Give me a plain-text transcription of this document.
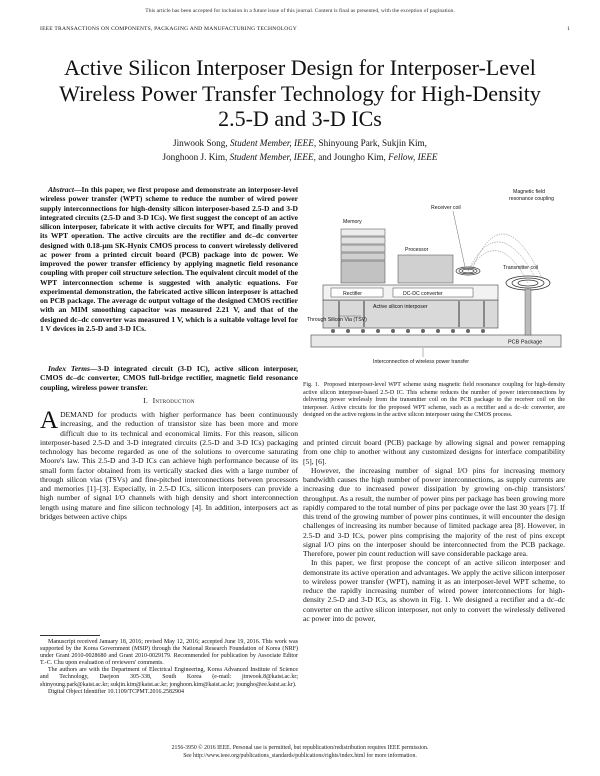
This article has been accepted for inclusion in a future issue of this journal. Content is final as presented, with the exception of pagination.
IEEE TRANSACTIONS ON COMPONENTS, PACKAGING AND MANUFACTURING TECHNOLOGY	1
Active Silicon Interposer Design for Interposer-Level Wireless Power Transfer Technology for High-Density 2.5-D and 3-D ICs
Jinwook Song, Student Member, IEEE, Shinyoung Park, Sukjin Kim,
Jonghoon J. Kim, Student Member, IEEE, and Joungho Kim, Fellow, IEEE
Abstract—In this paper, we first propose and demonstrate an interposer-level wireless power transfer (WPT) scheme to reduce the number of wired power supply interconnections for high-density silicon interposer-based 2.5-D and 3-D integrated circuits (2.5-D and 3-D ICs). We first suggest the concept of an active silicon interposer, fabricate it with active circuits for WPT, and finally proved its WPT operation. The active circuits are the rectifier and dc–dc converter designed with 0.18-μm SK-Hynix CMOS process to convert wirelessly delivered ac power from a printed circuit board (PCB) package into dc power. We improved the power transfer efficiency by applying magnetic field resonance coupling with proper coil structure selection. The equivalent circuit model of the WPT interconnection scheme is suggested with analytic equations. For experimental demonstration, the fabricated active silicon interposer is attached on PCB package. The average dc output voltage of the designed CMOS rectifier with an MIM smoothing capacitor was measured 2.21 V, and that of the designed dc–dc converter was measured 1 V, which is a suitable voltage level for 1 V devices in 2.5-D and 3-D ICs.
Index Terms—3-D integrated circuit (3-D IC), active silicon interposer, CMOS dc–dc converter, CMOS full-bridge rectifier, magnetic field resonance coupling, wireless power transfer.
I. Introduction
ADEMAND for products with higher performance has been continuously increasing, and the reduction of transistor size has been more and more difficult due to its technical and economical limits. For this reason, silicon interposer-based 2.5-D and 3-D integrated circuits (2.5-D and 3-D ICs) packaging technology has become regarded as one of the solutions to overcome saturating Moore's law. This 2.5-D and 3-D ICs can achieve high performance because of its small form factor obtained from its vertically stacked dies with a large number of through silicon vias (TSVs) and fine-pitched interconnections between processors and memories [1]–[3]. Especially, in 2.5-D ICs, silicon interposers can provide a high number of signal I/O channels with high density and short interconnection length using mature and fine silicon technology [4]. In addition, interposers act as bridges between active chips

Manuscript received January 18, 2016; revised May 12, 2016; accepted June 19, 2016. This work was supported by the Korea Government (MSIP) through the National Research Foundation of Korea (NRF) under Grant 2010-0028680 and Grant 2010-0029179. Recommended for publication by Associate Editor T.-C. Chu upon evaluation of reviewers' comments.

The authors are with the Department of Electrical Engineering, Korea Advanced Institute of Science and Technology, Daejeon 305-338, South Korea (e-mail: jinwook.8@kaist.ac.kr; shinyoung.park@kaist.ac.kr; sukjin.kim@kaist.ac.kr; jonghoon.kim@kaist.ac.kr; joungho@ee.kaist.ac.kr).

Digital Object Identifier 10.1109/TCPMT.2016.2582904

PCB Package
Rectifier	DC-DC converter
Active silicon interposer
Through Silicon Via (TSV)
Memory
Processor
Receiver coil
Transmitter coil
Magnetic field
resonance coupling
Interconnection of wireless power transfer
Fig. 1. Proposed interposer-level WPT scheme using magnetic field resonance coupling for high-density active silicon interposer-based 2.5-D IC. This scheme reduces the number of power interconnections by delivering power wirelessly from the transmitter coil on the PCB package to the receiver coil on the interposer. Active circuits for the proposed WPT scheme, such as a rectifier and a dc–dc converter, are designed on the active regions in the active silicon interposer using the CMOS process.

and printed circuit board (PCB) package by allowing signal and power remapping from one chip to another without any customized designs for interface compatibility [5], [6].

However, the increasing number of signal I/O pins for increasing memory bandwidth causes the high number of power interconnections, as supply currents are increasing due to increased power dissipation by growing on-chip transistors' throughput. As a result, the number of power pins per package has been growing more rapidly compared to the total number of pins per package over the last 30 years [7]. If this trend of the growing number of power pins continues, it will encounter the design challenges of increasing its number because of limited package area [8]. However, in 2.5-D and 3-D ICs, power pins comprising the majority of the rest of pins except signal I/O pins on the interposer should be interconnected from the PCB package. Therefore, power pin count reduction will save considerable package area.

In this paper, we first propose the concept of an active silicon interposer and demonstrate its active operation and advantages. We apply the active silicon interposer to wireless power transfer (WPT), naming it as an interposer-level WPT scheme, to reduce the rapidly increasing number of wired power interconnections for high-density 2.5-D and 3-D ICs, as shown in Fig. 1. We designed a rectifier and a dc–dc converter on the active silicon interposer, not only to convert the wirelessly delivered ac power into dc power,

2156-3950 © 2016 IEEE. Personal use is permitted, but republication/redistribution requires IEEE permission.
See http://www.ieee.org/publications_standards/publications/rights/index.html for more information.
